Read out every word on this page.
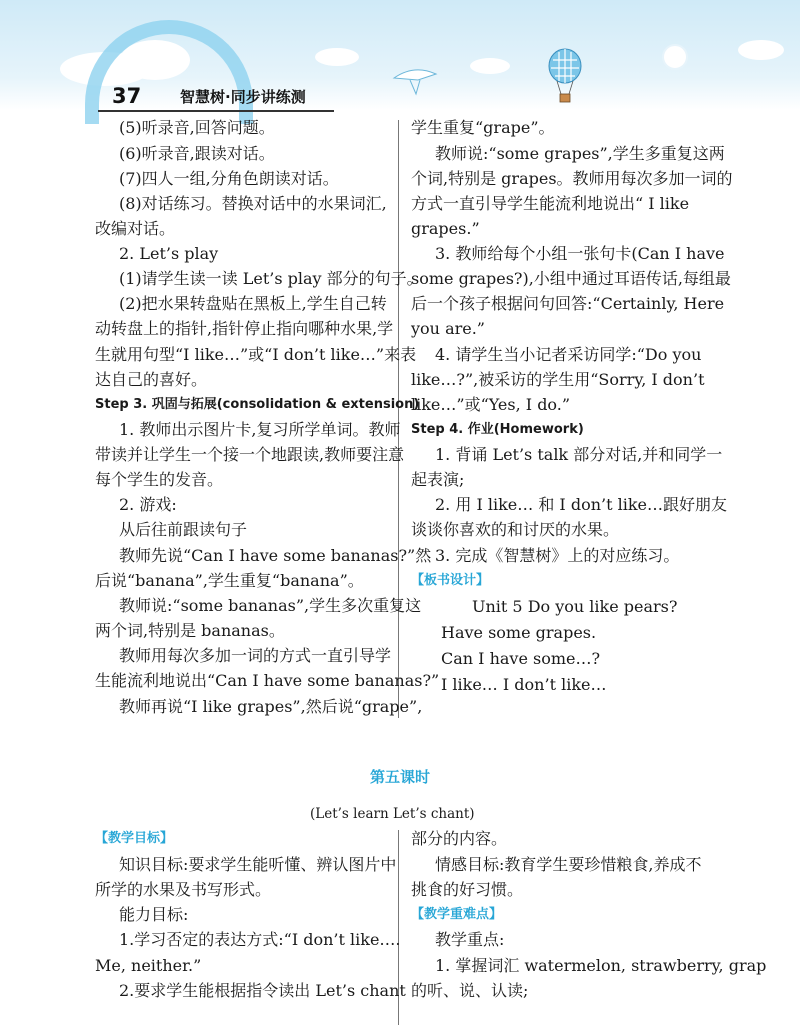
37	智慧树·同步讲练测
(5)听录音,回答问题。
(6)听录音,跟读对话。
(7)四人一组,分角色朗读对话。
(8)对话练习。替换对话中的水果词汇,
改编对话。
2. Let’s play
(1)请学生读一读 Let’s play 部分的句子。
(2)把水果转盘贴在黑板上,学生自己转
动转盘上的指针,指针停止指向哪种水果,学
生就用句型“I like…”或“I don’t like…”来表
达自己的喜好。
Step 3. 巩固与拓展(consolidation & extension)
1. 教师出示图片卡,复习所学单词。教师
带读并让学生一个接一个地跟读,教师要注意
每个学生的发音。
2. 游戏:
从后往前跟读句子
教师先说“Can I have some bananas?”然
后说“banana”,学生重复“banana”。
教师说:“some bananas”,学生多次重复这
两个词,特别是 bananas。
教师用每次多加一词的方式一直引导学
生能流利地说出“Can I have some bananas?”
教师再说“I like grapes”,然后说“grape”,
学生重复“grape”。
教师说:“some grapes”,学生多重复这两
个词,特别是 grapes。教师用每次多加一词的
方式一直引导学生能流利地说出“ I like
grapes.”
3. 教师给每个小组一张句卡(Can I have
some grapes?),小组中通过耳语传话,每组最
后一个孩子根据问句回答:“Certainly, Here
you are.”
4. 请学生当小记者采访同学:“Do you
like…?”,被采访的学生用“Sorry, I don’t
like…”或“Yes, I do.”
Step 4. 作业(Homework)
1. 背诵 Let’s talk 部分对话,并和同学一
起表演;
2. 用 I like… 和 I don’t like…跟好朋友
谈谈你喜欢的和讨厌的水果。
3. 完成《智慧树》上的对应练习。
【板书设计】
Unit 5 Do you like pears?
Have some grapes.
Can I have some…?
I like… I don’t like…
第五课时
(Let’s learn Let’s chant)
【教学目标】
知识目标:要求学生能听懂、辨认图片中
所学的水果及书写形式。
能力目标:
1.学习否定的表达方式:“I don’t like….
Me, neither.”
2.要求学生能根据指令读出 Let’s chant
部分的内容。
情感目标:教育学生要珍惜粮食,养成不
挑食的好习惯。
【教学重难点】
教学重点:
1. 掌握词汇 watermelon, strawberry, grap
的听、说、认读;
